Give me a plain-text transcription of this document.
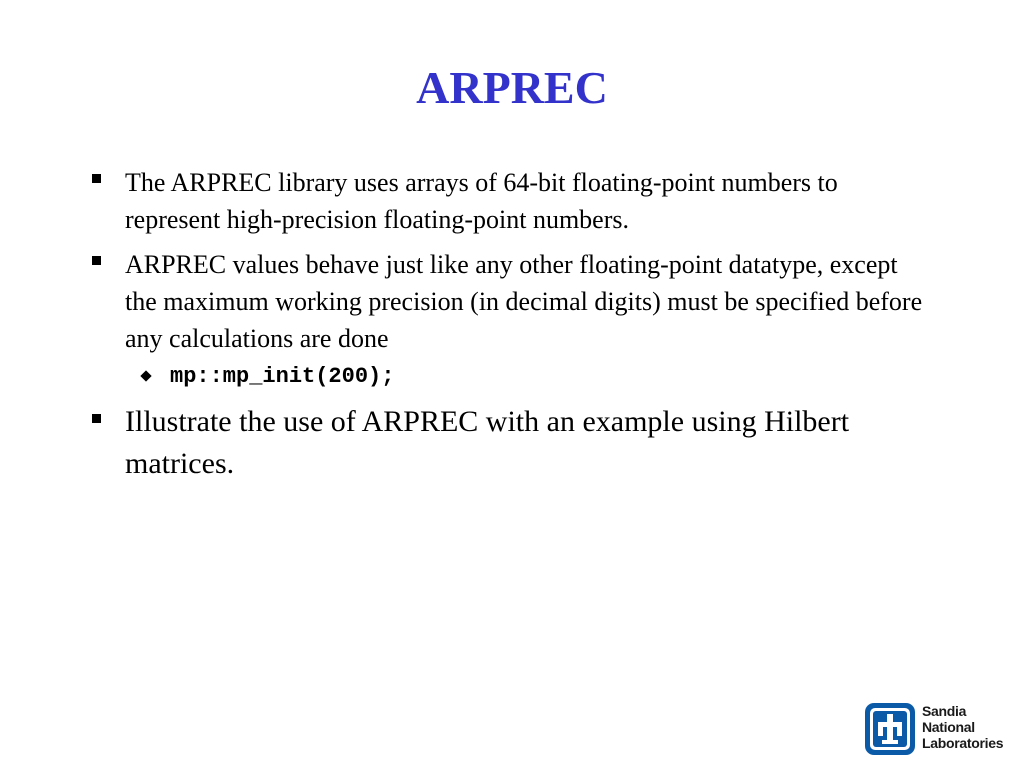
ARPREC
The ARPREC library uses arrays of 64-bit floating-point numbers to represent high-precision floating-point numbers.
ARPREC values behave just like any other floating-point datatype, except the maximum working precision (in decimal digits) must be specified before any calculations are done
mp::mp_init(200);
Illustrate the use of ARPREC with an example using Hilbert matrices.
Sandia
National
Laboratories
